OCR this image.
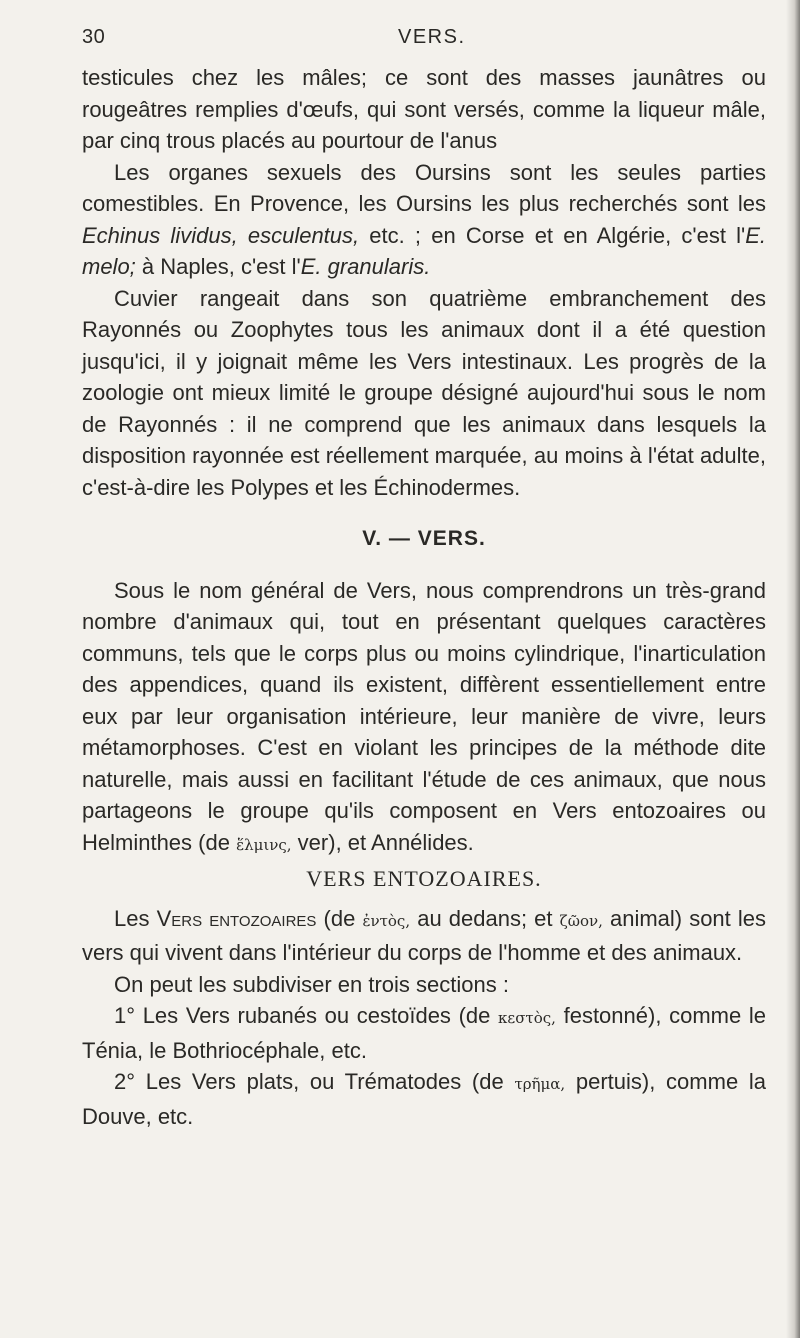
30	VERS.

testicules chez les mâles; ce sont des masses jaunâtres ou rougeâtres remplies d'œufs, qui sont versés, comme la liqueur mâle, par cinq trous placés au pourtour de l'anus

Les organes sexuels des Oursins sont les seules parties comestibles. En Provence, les Oursins les plus recherchés sont les Echinus lividus, esculentus, etc. ; en Corse et en Algérie, c'est l'E. melo; à Naples, c'est l'E. granularis.

Cuvier rangeait dans son quatrième embranchement des Rayonnés ou Zoophytes tous les animaux dont il a été question jusqu'ici, il y joignait même les Vers intestinaux. Les progrès de la zoologie ont mieux limité le groupe désigné aujourd'hui sous le nom de Rayonnés : il ne comprend que les animaux dans lesquels la disposition rayonnée est réellement marquée, au moins à l'état adulte, c'est-à-dire les Polypes et les Échinodermes.

V. — VERS.

Sous le nom général de Vers, nous comprendrons un très-grand nombre d'animaux qui, tout en présentant quelques caractères communs, tels que le corps plus ou moins cylindrique, l'inarticulation des appendices, quand ils existent, diffèrent essentiellement entre eux par leur organisation intérieure, leur manière de vivre, leurs métamorphoses. C'est en violant les principes de la méthode dite naturelle, mais aussi en facilitant l'étude de ces animaux, que nous partageons le groupe qu'ils composent en Vers entozoaires ou Helminthes (de ἕλμινς, ver), et Annélides.

VERS ENTOZOAIRES.

Les Vers entozoaires (de ἐντὸς, au dedans; et ζῶον, animal) sont les vers qui vivent dans l'intérieur du corps de l'homme et des animaux.

On peut les subdiviser en trois sections :

1° Les Vers rubanés ou cestoïdes (de κεστὸς, festonné), comme le Ténia, le Bothriocéphale, etc.

2° Les Vers plats, ou Trématodes (de τρῆμα, pertuis), comme la Douve, etc.
